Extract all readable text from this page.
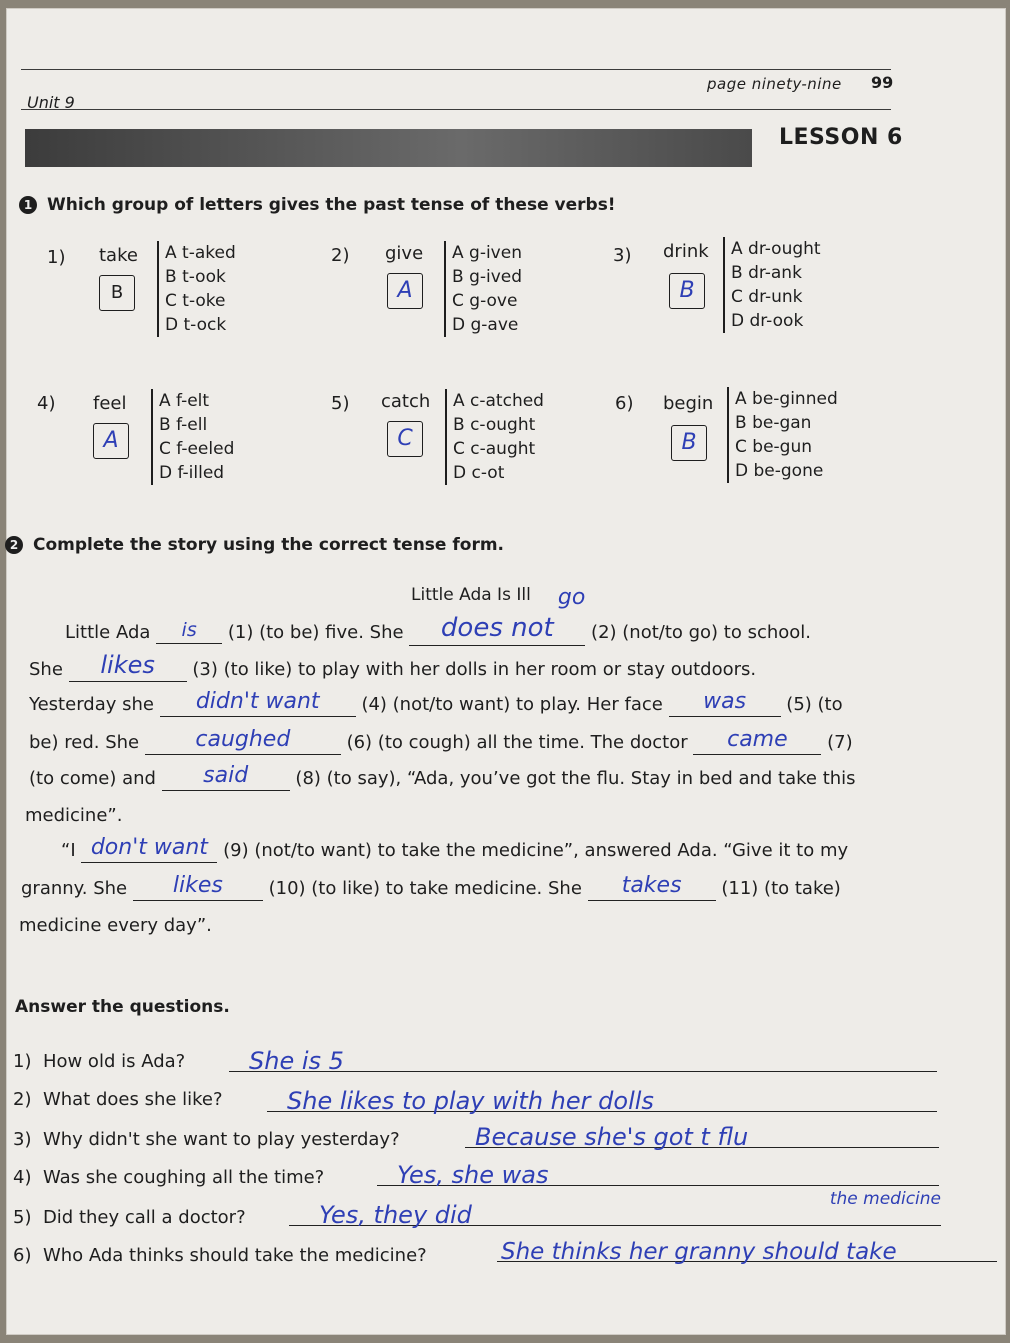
Unit 9
page ninety-nine 99
LESSON 6
1 Which group of letters gives the past tense of these verbs!
1) take
B
A t-aked
B t-ook
C t-oke
D t-ock
2) give
A
A g-iven
B g-ived
C g-ove
D g-ave
3) drink
B
A dr-ought
B dr-ank
C dr-unk
D dr-ook
4) feel
A
A f-elt
B f-ell
C f-eeled
D f-illed
5) catch
C
A c-atched
B c-ought
C c-aught
D c-ot
6) begin
B
A be-ginned
B be-gan
C be-gun
D be-gone
2 Complete the story using the correct tense form.
Little Ada Is Ill
Little Ada is (1) (to be) five. She does not
go
(2) (not/to go) to school.
She likes (3) (to like) to play with her dolls in her room or stay outdoors.
Yesterday she didn't want (4) (not/to want) to play. Her face was (5) (to
be) red. She	caughed	(6) (to cough) all the time. The doctor came (7)
(to come) and said	(8) (to say), “Ada, you’ve got the flu. Stay in bed and take this
medicine”.
“I don't want (9) (not/to want) to take the medicine”, answered Ada. “Give it to my
granny. She likes	(10) (to like) to take medicine. She takes (11) (to take)
medicine every day”.
Answer the questions.
1) How old is Ada?	She is 5
2) What does she like?	She likes to play with her dolls
3) Why didn't she want to play yesterday?	Because she's got t flu
4) Was she coughing all the time?	Yes, she was
5) Did they call a doctor?	Yes, they did
the medicine
6) Who Ada thinks should take the medicine?	She thinks her granny should take
